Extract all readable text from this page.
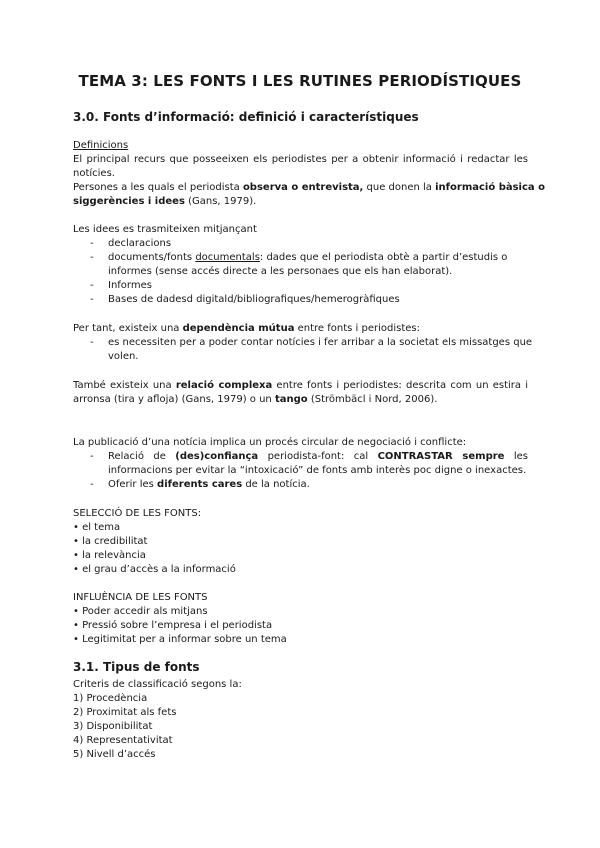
TEMA 3: LES FONTS I LES RUTINES PERIODÍSTIQUES
3.0. Fonts d’informació: definició i característiques
Definicions
El principal recurs que posseeixen els periodistes per a obtenir informació i redactar les
notícies.
Persones a les quals el periodista observa o entrevista, que donen la informació bàsica o
siggerències i idees (Gans, 1979).
Les idees es trasmiteixen mitjançant
- declaracions
- documents/fonts documentals: dades que el periodista obtè a partir d’estudis o
informes (sense accés directe a les personaes que els han elaborat).
- Informes
- Bases de dadesd digitald/bibliografiques/hemerogràfiques
Per tant, existeix una dependència mútua entre fonts i periodistes:
- es necessiten per a poder contar notícies i fer arribar a la societat els missatges que
volen.
També existeix una relació complexa entre fonts i periodistes: descrita com un estira i
arronsa (tira y afloja) (Gans, 1979) o un tango (Strömbäcl i Nord, 2006).
La publicació d’una notícia implica un procés circular de negociació i conflicte:
- Relació de (des)confiança periodista-font: cal CONTRASTAR sempre les
informacions per evitar la “intoxicació” de fonts amb interès poc digne o inexactes.
- Oferir les diferents cares de la notícia.
SELECCIÓ DE LES FONTS:
• el tema
• la credibilitat
• la relevància
• el grau d’accès a la informació
INFLUÈNCIA DE LES FONTS
• Poder accedir als mitjans
• Pressió sobre l’empresa i el periodista
• Legitimitat per a informar sobre un tema
3.1. Tipus de fonts
Criteris de classificació segons la:
1) Procedència
2) Proximitat als fets
3) Disponibilitat
4) Representativitat
5) Nivell d’accés
